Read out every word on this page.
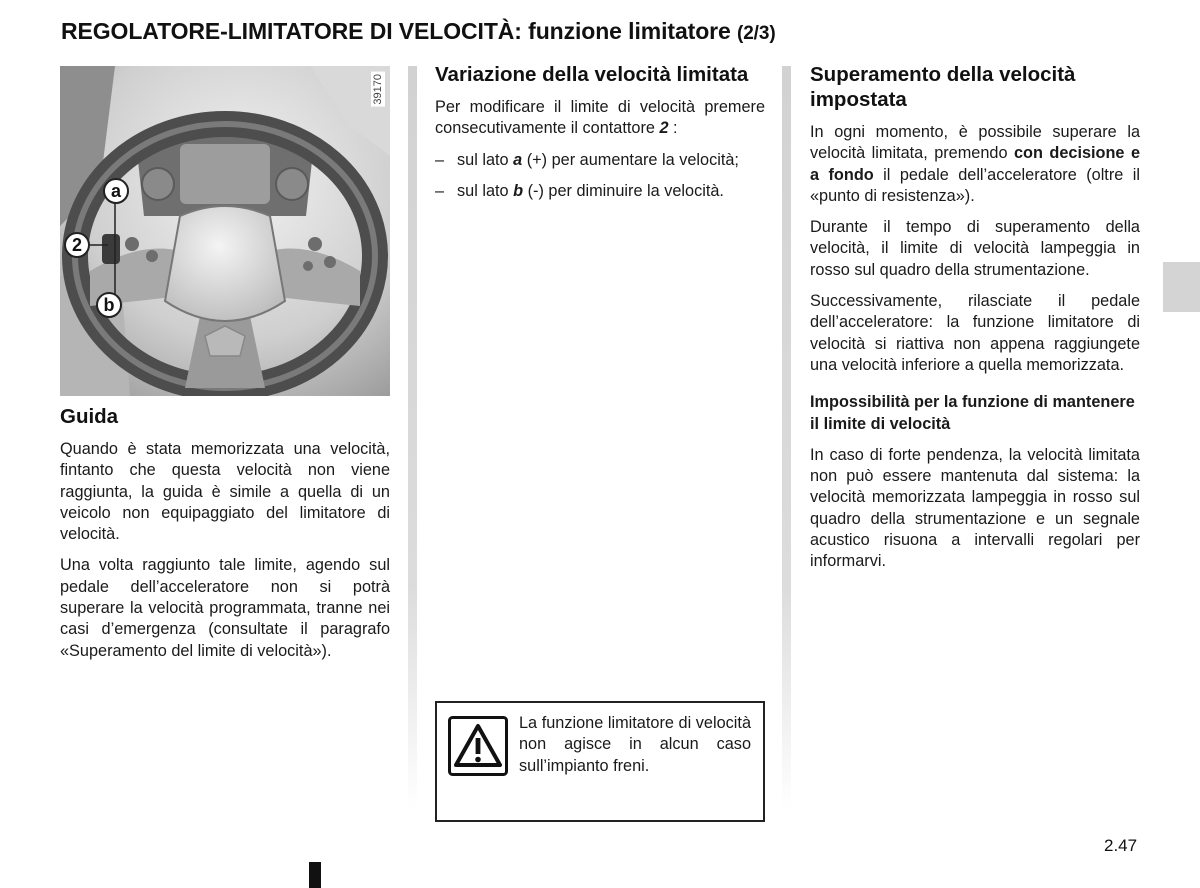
REGOLATORE-LIMITATORE DI VELOCITÀ: funzione limitatore (2/3)
39170
a
2
b
Guida

Quando è stata memorizzata una velocità, fintanto che questa velocità non viene raggiunta, la guida è simile a quella di un veicolo non equipaggiato del limitatore di velocità.

Una volta raggiunto tale limite, agendo sul pedale dell’acceleratore non si potrà superare la velocità programmata, tranne nei casi d’emergenza (consultate il paragrafo «Superamento del limite di velocità»).

Variazione della velocità limitata

Per modificare il limite di velocità premere consecutivamente il contattore 2 :

– sul lato a (+) per aumentare la velocità;
– sul lato b (-) per diminuire la velocità.

La funzione limitatore di velocità non agisce in alcun caso sull’impianto freni.

Superamento della velocità impostata

In ogni momento, è possibile superare la velocità limitata, premendo con decisione e a fondo il pedale dell’acceleratore (oltre il «punto di resistenza»).

Durante il tempo di superamento della velocità, il limite di velocità lampeggia in rosso sul quadro della strumentazione.

Successivamente, rilasciate il pedale dell’acceleratore: la funzione limitatore di velocità si riattiva non appena raggiungete una velocità inferiore a quella memorizzata.

Impossibilità per la funzione di mantenere il limite di velocità

In caso di forte pendenza, la velocità limitata non può essere mantenuta dal sistema: la velocità memorizzata lampeggia in rosso sul quadro della strumentazione e un segnale acustico risuona a intervalli regolari per informarvi.

2.47
